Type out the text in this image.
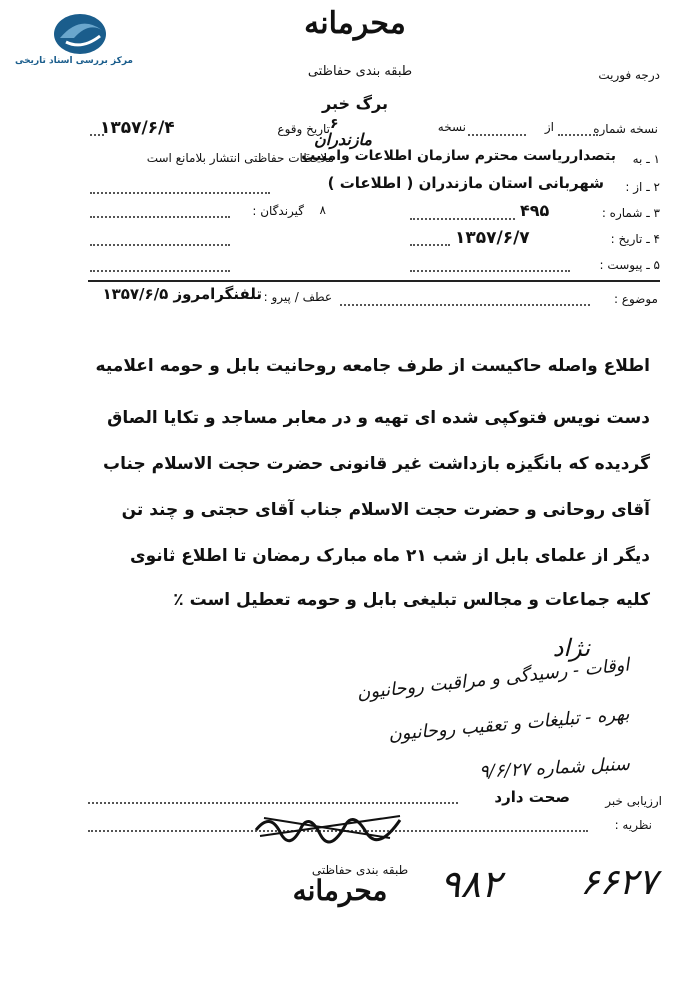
مرکز بررسی اسناد تاریخی
محرمانه
طبقه بندی حفاظتی	درجه فوریت
برگ خبر
نسخه شماره
از
نسخه
تاریخ وقوع ۶
۱۳۵۷/۶/۴
۱ ـ به
بتصدارریاست محترم سازمان اطلاعات وامنیت
ملاحظات حفاظتی انتشار بلامانع است
مازندران
۲ ـ از :
شهربانی استان مازندران ( اطلاعات )
۳ ـ شماره :
۴۹۵
۸
گیرندگان :
۴ ـ تاریخ :
۱۳۵۷/۶/۷
۵ ـ پیوست :
موضوع :
عطف / پیرو :
تلفنگرامروز ۱۳۵۷/۶/۵
اطلاع واصله حاکیست از طرف جامعه روحانیت بابل و حومه اعلامیه
دست نویس فتوکپی شده ای تهیه و در معابر مساجد و تکایا الصاق
گردیده که بانگیزه بازداشت غیر قانونی حضرت حجت الاسلام جناب
آقای روحانی و حضرت حجت الاسلام جناب آقای حجتی و چند تن
دیگر از علمای بابل از شب ۲۱ ماه مبارک رمضان تا اطلاع ثانوی
کلیه جماعات و مجالس تبلیغی بابل و حومه تعطیل است ٪
نژاد
اوقات - رسیدگی و مراقبت روحانیون
بهره - تبلیغات و تعقیب روحانیون
سنبل شماره ۹/۶/۲۷
ارزیابی خبر
صحت دارد
نظریه :
طبقه بندی حفاظتی
محرمانه	۹۸۲	۶۶۲۷
